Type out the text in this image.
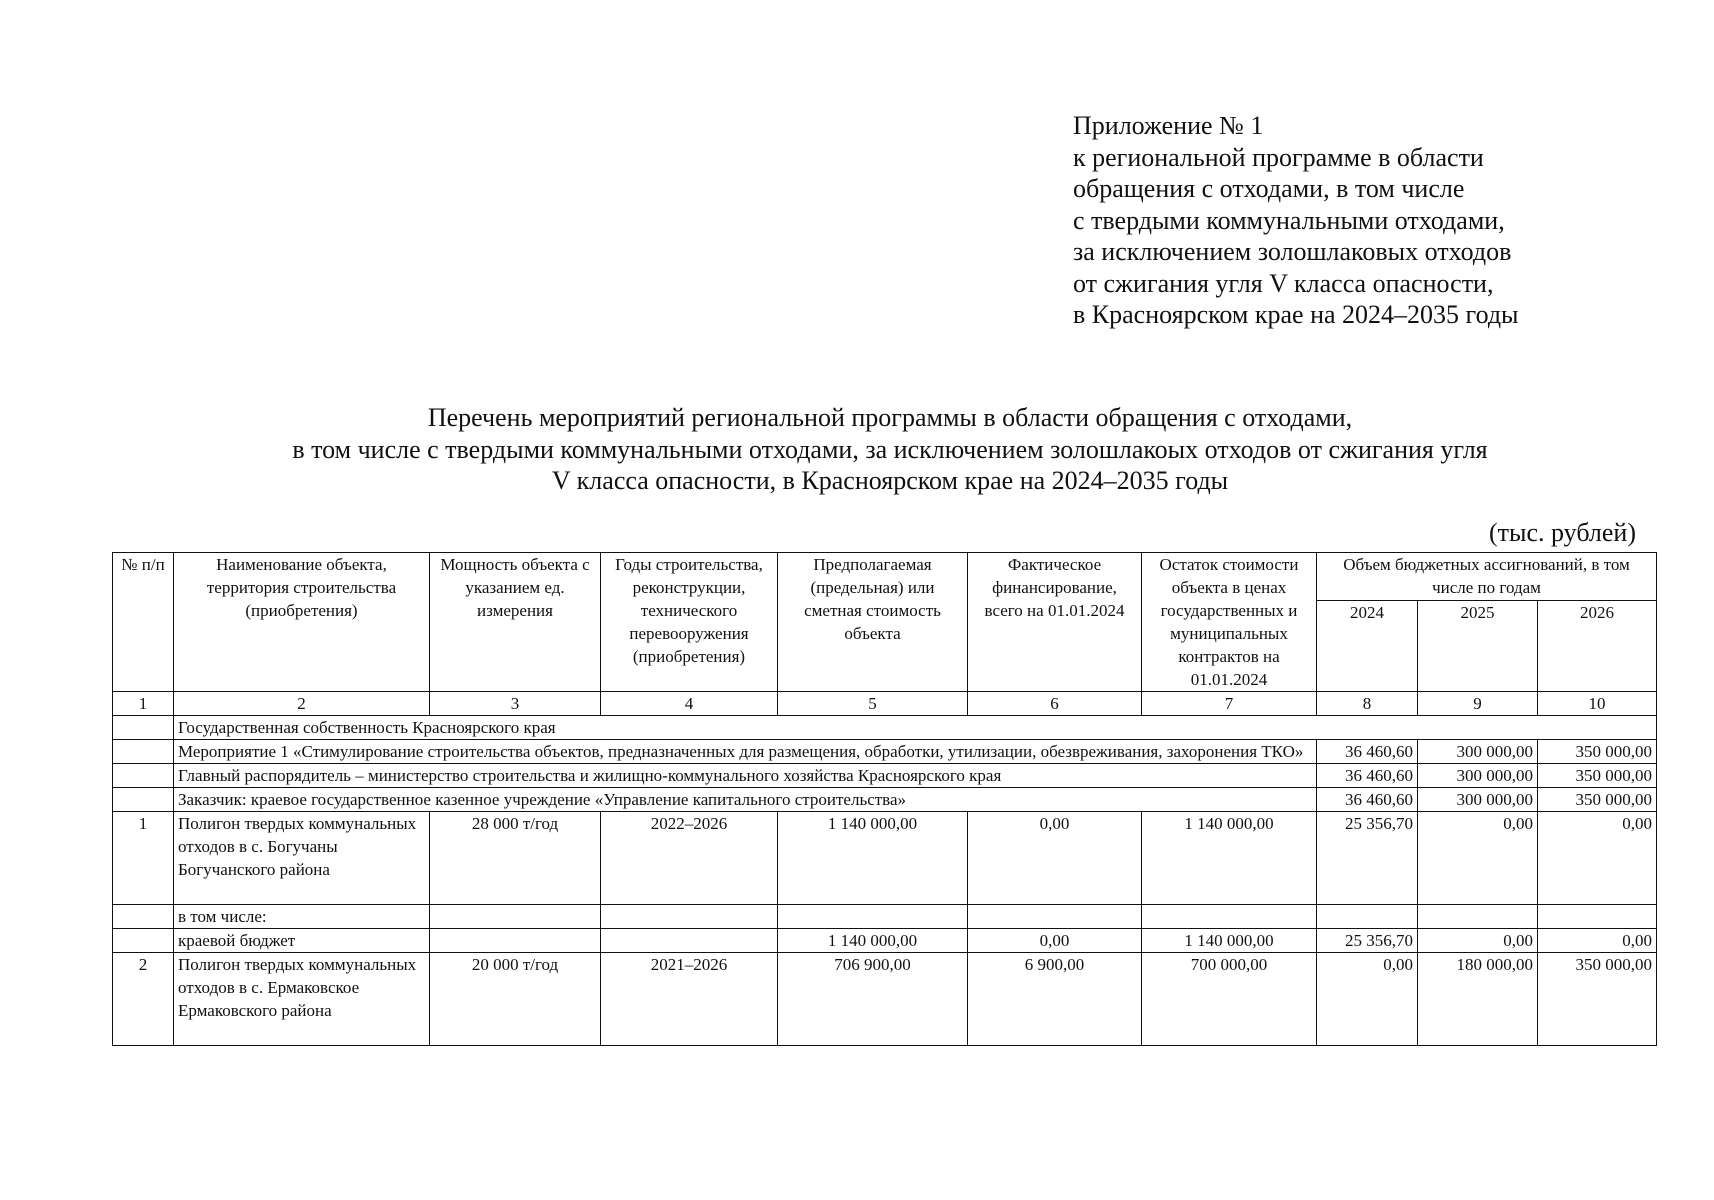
Приложение № 1
к региональной программе в области
обращения с отходами, в том числе
с твердыми коммунальными отходами,
за исключением золошлаковых отходов
от сжигания угля V класса опасности,
в Красноярском крае на 2024–2035 годы
Перечень мероприятий региональной программы в области обращения с отходами,
в том числе с твердыми коммунальными отходами, за исключением золошлакоых отходов от сжигания угля
V класса опасности, в Красноярском крае на 2024–2035 годы
(тыс. рублей)
№ п/п	Наименование объекта, территория строительства (приобретения)	Мощность объекта с указанием ед. измерения	Годы строительства, реконструкции, технического перевооружения (приобретения)	Предполагаемая (предельная) или сметная стоимость объекта	Фактическое финансирование, всего на 01.01.2024	Остаток стоимости объекта в ценах государственных и муниципальных контрактов на 01.01.2024	Объем бюджетных ассигнований, в том числе по годам		
							2024	2025	2026
1	2	3	4	5	6	7	8	9	10
	Государственная собственность Красноярского края								
	Мероприятие 1 «Стимулирование строительства объектов, предназначенных для размещения, обработки, утилизации, обезвреживания, захоронения ТКО»						36 460,60	300 000,00	350 000,00
	Главный распорядитель – министерство строительства и жилищно-коммунального хозяйства Красноярского края						36 460,60	300 000,00	350 000,00
	Заказчик: краевое государственное казенное учреждение «Управление капитального строительства»						36 460,60	300 000,00	350 000,00
1	Полигон твердых коммунальных отходов в с. Богучаны Богучанского района	28 000 т/год	2022–2026	1 140 000,00	0,00	1 140 000,00	25 356,70	0,00	0,00
	в том числе:								
	краевой бюджет			1 140 000,00	0,00	1 140 000,00	25 356,70	0,00	0,00
2	Полигон твердых коммунальных отходов в с. Ермаковское Ермаковского района	20 000 т/год	2021–2026	706 900,00	6 900,00	700 000,00	0,00	180 000,00	350 000,00
